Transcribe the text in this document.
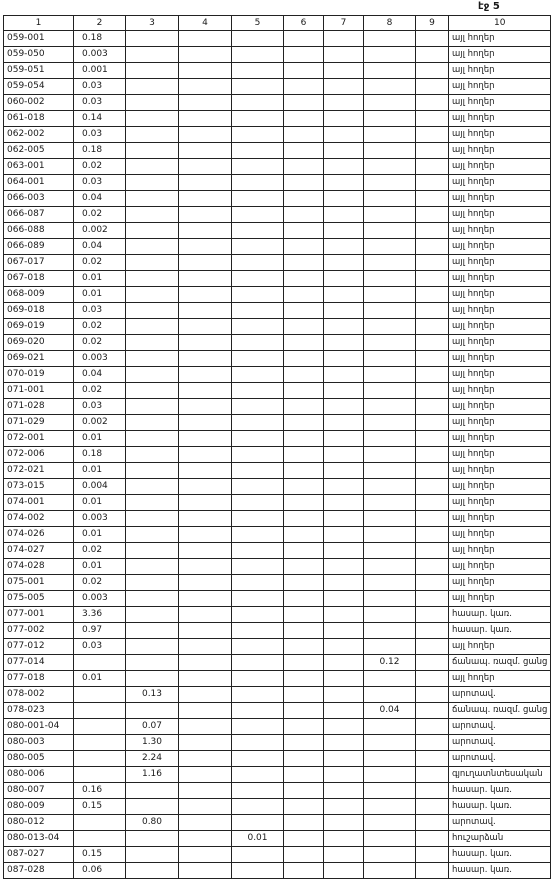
էջ 5
1	2	3	4	5	6	7	8	9	10
059-001	0.18								այլ հողեր
059-050	0.003								այլ հողեր
059-051	0.001								այլ հողեր
059-054	0.03								այլ հողեր
060-002	0.03								այլ հողեր
061-018	0.14								այլ հողեր
062-002	0.03								այլ հողեր
062-005	0.18								այլ հողեր
063-001	0.02								այլ հողեր
064-001	0.03								այլ հողեր
066-003	0.04								այլ հողեր
066-087	0.02								այլ հողեր
066-088	0.002								այլ հողեր
066-089	0.04								այլ հողեր
067-017	0.02								այլ հողեր
067-018	0.01								այլ հողեր
068-009	0.01								այլ հողեր
069-018	0.03								այլ հողեր
069-019	0.02								այլ հողեր
069-020	0.02								այլ հողեր
069-021	0.003								այլ հողեր
070-019	0.04								այլ հողեր
071-001	0.02								այլ հողեր
071-028	0.03								այլ հողեր
071-029	0.002								այլ հողեր
072-001	0.01								այլ հողեր
072-006	0.18								այլ հողեր
072-021	0.01								այլ հողեր
073-015	0.004								այլ հողեր
074-001	0.01								այլ հողեր
074-002	0.003								այլ հողեր
074-026	0.01								այլ հողեր
074-027	0.02								այլ հողեր
074-028	0.01								այլ հողեր
075-001	0.02								այլ հողեր
075-005	0.003								այլ հողեր
077-001	3.36								հասար. կառ.
077-002	0.97								հասար. կառ.
077-012	0.03								այլ հողեր
077-014							0.12		ճանապ. ռազմ. ցանց
077-018	0.01								այլ հողեր
078-002		0.13							արոտավ.
078-023							0.04		ճանապ. ռազմ. ցանց
080-001-04		0.07							արոտավ.
080-003		1.30							արոտավ.
080-005		2.24							արոտավ.
080-006		1.16							գյուղատնտեսական
080-007	0.16								հասար. կառ.
080-009	0.15								հասար. կառ.
080-012		0.80							արոտավ.
080-013-04				0.01					հուշարձան
087-027	0.15								հասար. կառ.
087-028	0.06								հասար. կառ.
